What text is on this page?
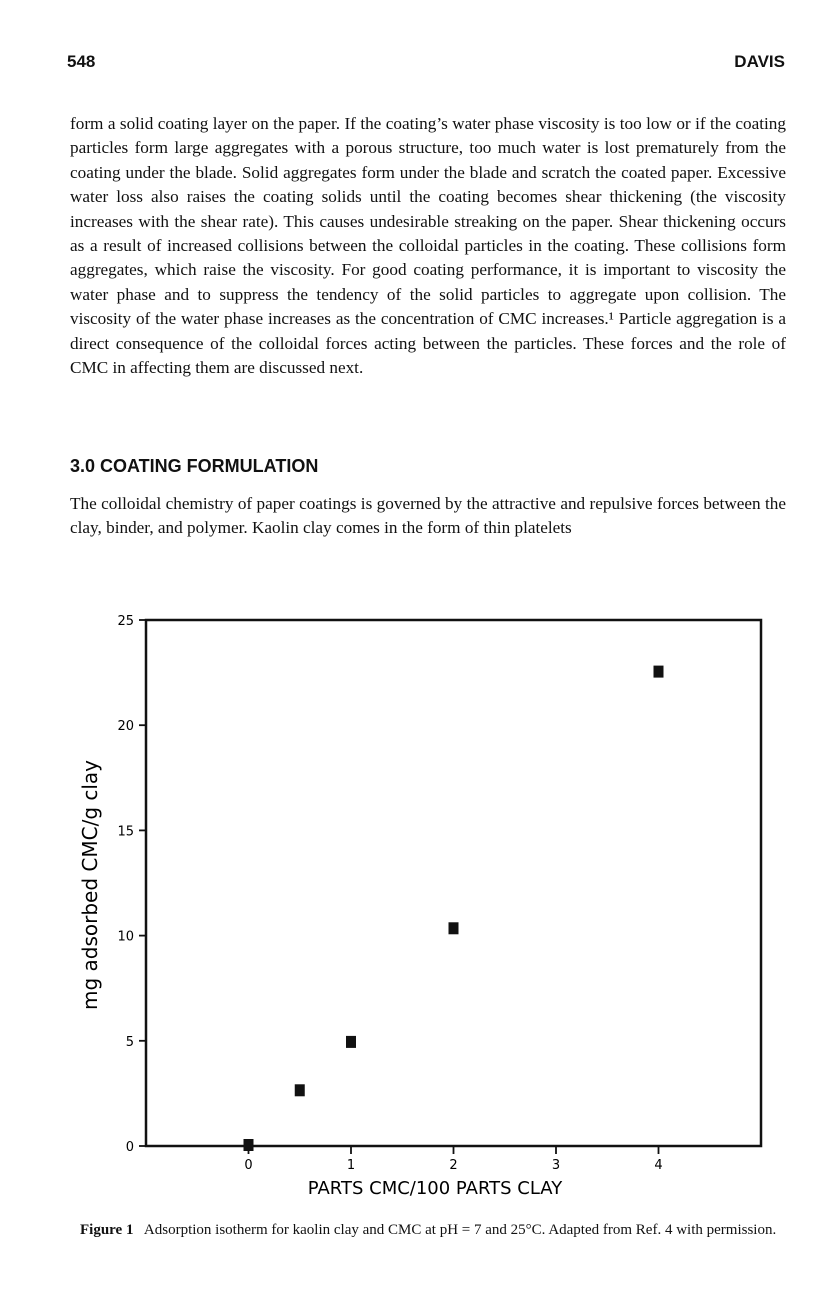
548	DAVIS

form a solid coating layer on the paper. If the coating’s water phase viscosity is too low or if the coating particles form large aggregates with a porous structure, too much water is lost prematurely from the coating under the blade. Solid aggregates form under the blade and scratch the coated paper. Excessive water loss also raises the coating solids until the coating becomes shear thickening (the viscosity increases with the shear rate). This causes undesirable streaking on the paper. Shear thickening occurs as a result of increased collisions between the colloidal particles in the coating. These collisions form aggregates, which raise the viscosity. For good coating performance, it is important to viscosity the water phase and to suppress the tendency of the solid particles to aggregate upon collision. The viscosity of the water phase increases as the concentration of CMC increases.¹ Particle aggregation is a direct consequence of the colloidal forces acting between the particles. These forces and the role of CMC in affecting them are discussed next.

3.0 COATING FORMULATION

The colloidal chemistry of paper coatings is governed by the attractive and repulsive forces between the clay, binder, and polymer. Kaolin clay comes in the form of thin platelets

0
5
10
15
20
25
0	1	2	3	4
PARTS CMC/100 PARTS CLAY
mg adsorbed CMC/g clay

Figure 1 Adsorption isotherm for kaolin clay and CMC at pH = 7 and 25°C. Adapted from Ref. 4 with permission.
